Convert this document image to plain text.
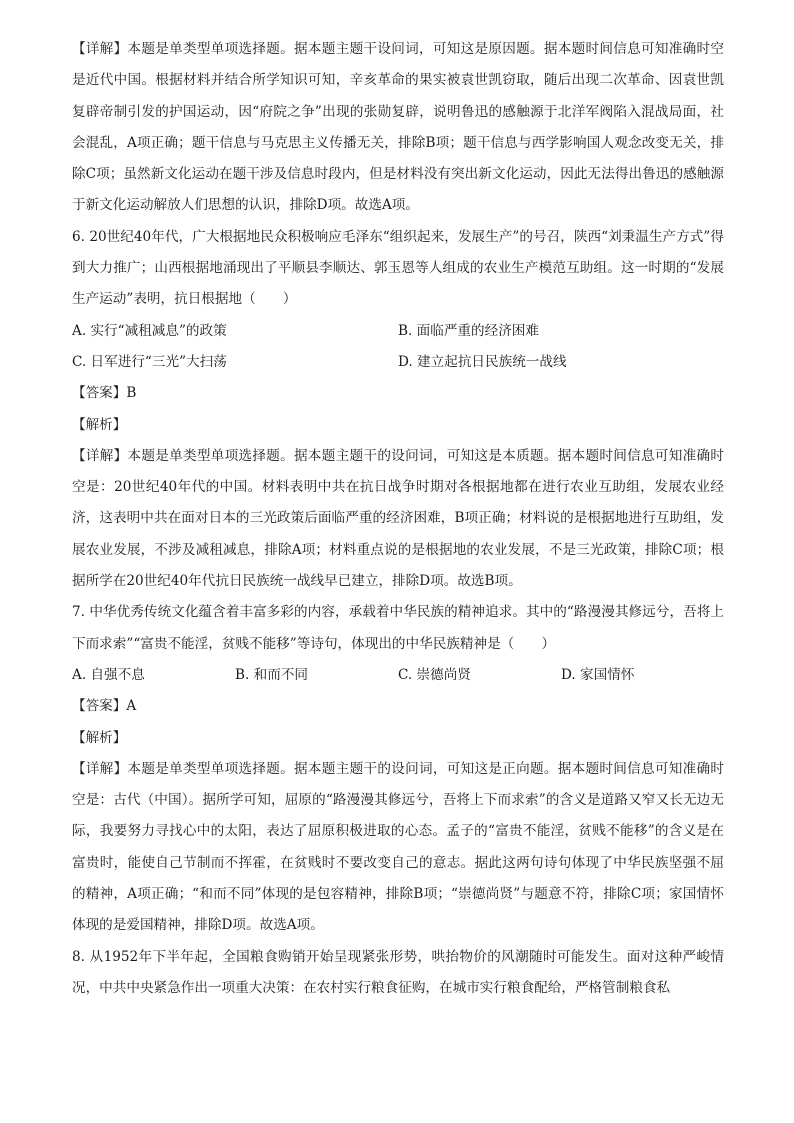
【详解】本题是单类型单项选择题。据本题主题干设问词，可知这是原因题。据本题时间信息可知准确时空是近代中国。根据材料并结合所学知识可知，辛亥革命的果实被袁世凯窃取，随后出现二次革命、因袁世凯复辟帝制引发的护国运动，因“府院之争”出现的张勋复辟，说明鲁迅的感触源于北洋军阀陷入混战局面，社会混乱，A项正确；题干信息与马克思主义传播无关，排除B项；题干信息与西学影响国人观念改变无关，排除C项；虽然新文化运动在题干涉及信息时段内，但是材料没有突出新文化运动，因此无法得出鲁迅的感触源于新文化运动解放人们思想的认识，排除D项。故选A项。

6. 20世纪40年代，广大根据地民众积极响应毛泽东“组织起来，发展生产”的号召，陕西“刘秉温生产方式”得到大力推广；山西根据地涌现出了平顺县李顺达、郭玉恩等人组成的农业生产模范互助组。这一时期的“发展生产运动”表明，抗日根据地（　　）

A. 实行“减租减息”的政策	B. 面临严重的经济困难
C. 日军进行“三光”大扫荡	D. 建立起抗日民族统一战线

【答案】B

【解析】

【详解】本题是单类型单项选择题。据本题主题干的设问词，可知这是本质题。据本题时间信息可知准确时空是：20世纪40年代的中国。材料表明中共在抗日战争时期对各根据地都在进行农业互助组，发展农业经济，这表明中共在面对日本的三光政策后面临严重的经济困难，B项正确；材料说的是根据地进行互助组，发展农业发展，不涉及减租减息，排除A项；材料重点说的是根据地的农业发展，不是三光政策，排除C项；根据所学在20世纪40年代抗日民族统一战线早已建立，排除D项。故选B项。

7. 中华优秀传统文化蕴含着丰富多彩的内容，承载着中华民族的精神追求。其中的“路漫漫其修远兮，吾将上下而求索”“富贵不能淫，贫贱不能移”等诗句，体现出的中华民族精神是（　　）

A. 自强不息	B. 和而不同	C. 崇德尚贤	D. 家国情怀

【答案】A

【解析】

【详解】本题是单类型单项选择题。据本题主题干的设问词，可知这是正向题。据本题时间信息可知准确时空是：古代（中国）。据所学可知，屈原的“路漫漫其修远兮，吾将上下而求索”的含义是道路又窄又长无边无际，我要努力寻找心中的太阳，表达了屈原积极进取的心态。孟子的“富贵不能淫，贫贱不能移”的含义是在富贵时，能使自己节制而不挥霍，在贫贱时不要改变自己的意志。据此这两句诗句体现了中华民族坚强不屈的精神，A项正确；“和而不同”体现的是包容精神，排除B项；“崇德尚贤”与题意不符，排除C项；家国情怀体现的是爱国精神，排除D项。故选A项。

8. 从1952年下半年起，全国粮食购销开始呈现紧张形势，哄抬物价的风潮随时可能发生。面对这种严峻情况，中共中央紧急作出一项重大决策：在农村实行粮食征购，在城市实行粮食配给，严格管制粮食私
